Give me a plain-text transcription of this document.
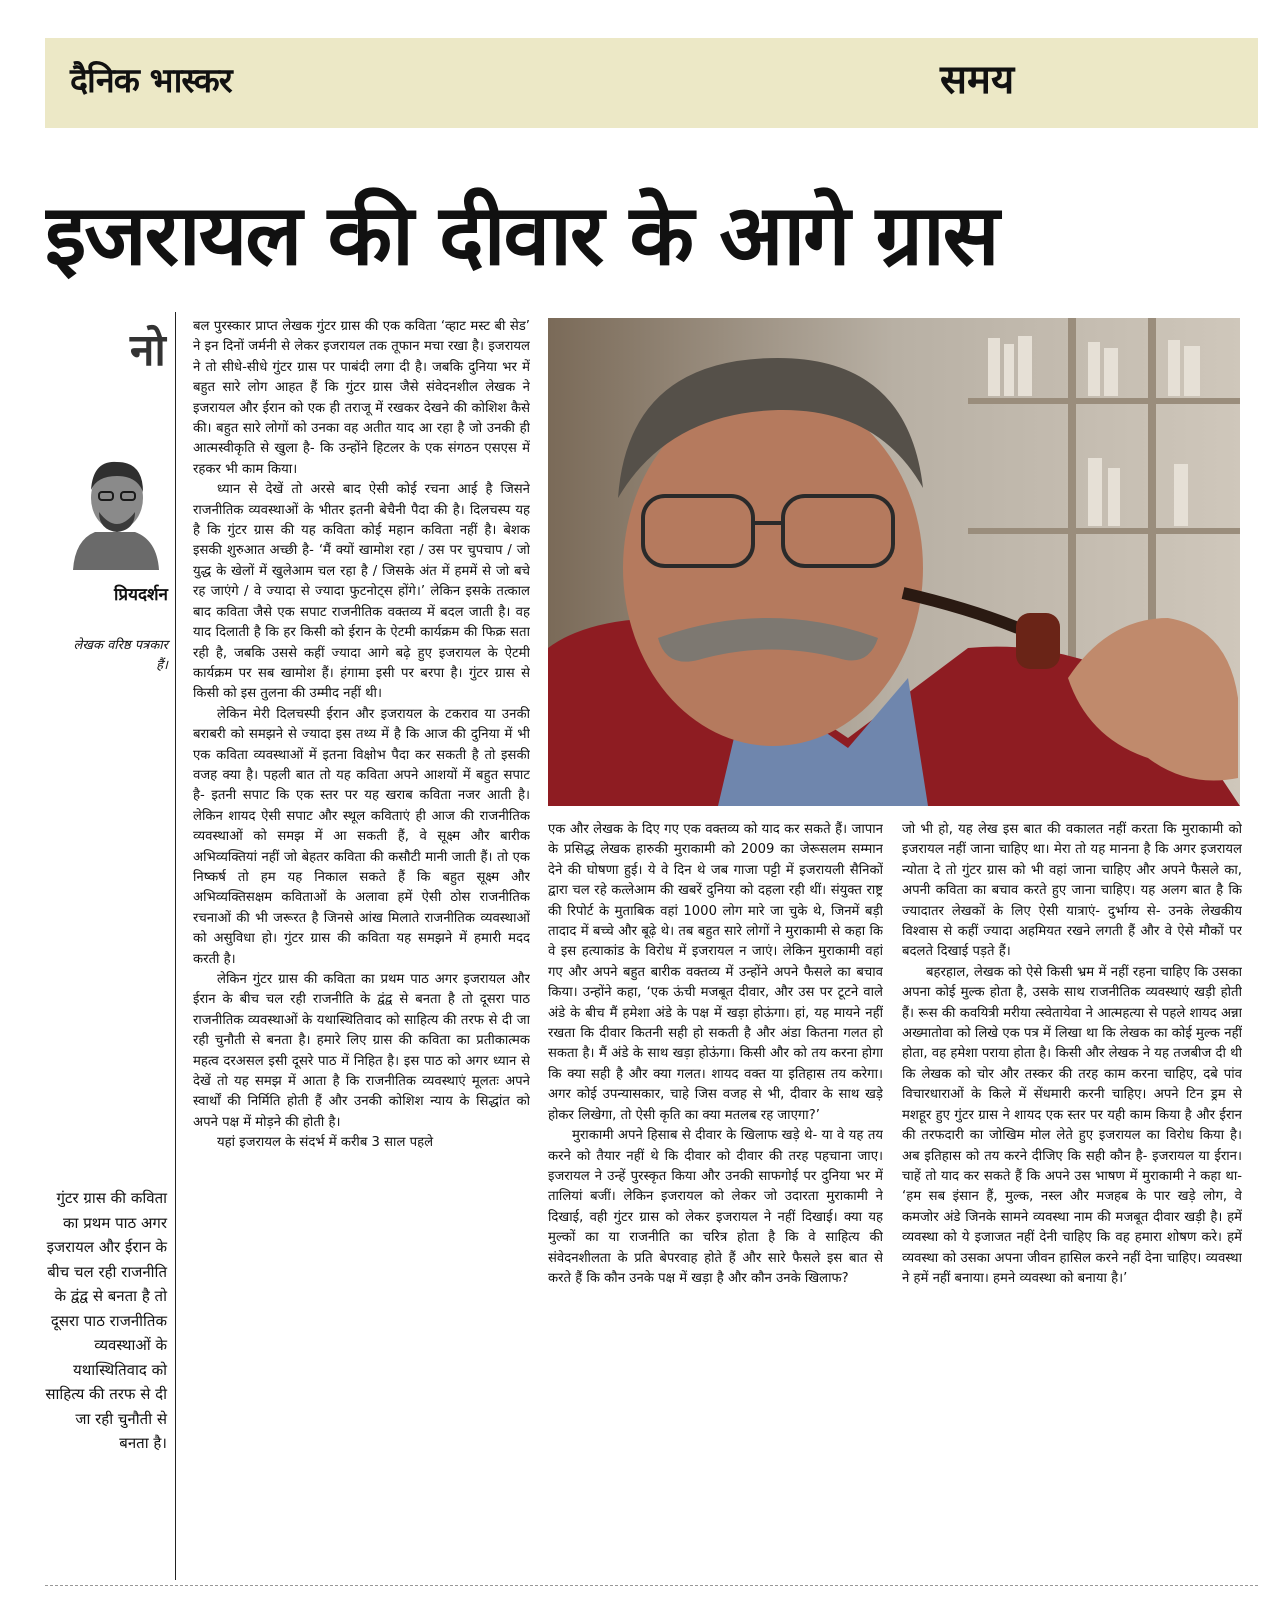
दैनिक भास्कर	समय
इजरायल की दीवार के आगे ग्रास
नो
प्रियदर्शन
लेखक वरिष्ठ पत्रकार हैं।
गुंटर ग्रास की कविता का प्रथम पाठ अगर इजरायल और ईरान के बीच चल रही राजनीति के द्वंद्व से बनता है तो दूसरा पाठ राजनीतिक व्यवस्थाओं के यथास्थितिवाद को साहित्य की तरफ से दी जा रही चुनौती से बनता है।

बल पुरस्कार प्राप्त लेखक गुंटर ग्रास की एक कविता ‘व्हाट मस्ट बी सेड’ ने इन दिनों जर्मनी से लेकर इजरायल तक तूफान मचा रखा है। इजरायल ने तो सीधे-सीधे गुंटर ग्रास पर पाबंदी लगा दी है। जबकि दुनिया भर में बहुत सारे लोग आहत हैं कि गुंटर ग्रास जैसे संवेदनशील लेखक ने इजरायल और ईरान को एक ही तराजू में रखकर देखने की कोशिश कैसे की। बहुत सारे लोगों को उनका वह अतीत याद आ रहा है जो उनकी ही आत्मस्वीकृति से खुला है- कि उन्होंने हिटलर के एक संगठन एसएस में रहकर भी काम किया।

ध्यान से देखें तो अरसे बाद ऐसी कोई रचना आई है जिसने राजनीतिक व्यवस्थाओं के भीतर इतनी बेचैनी पैदा की है। दिलचस्प यह है कि गुंटर ग्रास की यह कविता कोई महान कविता नहीं है। बेशक इसकी शुरुआत अच्छी है- ‘मैं क्यों खामोश रहा / उस पर चुपचाप / जो युद्ध के खेलों में खुलेआम चल रहा है / जिसके अंत में हममें से जो बचे रह जाएंगे / वे ज्यादा से ज्यादा फुटनोट्स होंगे।’ लेकिन इसके तत्काल बाद कविता जैसे एक सपाट राजनीतिक वक्तव्य में बदल जाती है। वह याद दिलाती है कि हर किसी को ईरान के ऐटमी कार्यक्रम की फिक्र सता रही है, जबकि उससे कहीं ज्यादा आगे बढ़े हुए इजरायल के ऐटमी कार्यक्रम पर सब खामोश हैं। हंगामा इसी पर बरपा है। गुंटर ग्रास से किसी को इस तुलना की उम्मीद नहीं थी।

लेकिन मेरी दिलचस्पी ईरान और इजरायल के टकराव या उनकी बराबरी को समझने से ज्यादा इस तथ्य में है कि आज की दुनिया में भी एक कविता व्यवस्थाओं में इतना विक्षोभ पैदा कर सकती है तो इसकी वजह क्या है। पहली बात तो यह कविता अपने आशयों में बहुत सपाट है- इतनी सपाट कि एक स्तर पर यह खराब कविता नजर आती है। लेकिन शायद ऐसी सपाट और स्थूल कविताएं ही आज की राजनीतिक व्यवस्थाओं को समझ में आ सकती हैं, वे सूक्ष्म और बारीक अभिव्यक्तियां नहीं जो बेहतर कविता की कसौटी मानी जाती हैं। तो एक निष्कर्ष तो हम यह निकाल सकते हैं कि बहुत सूक्ष्म और अभिव्यक्तिसक्षम कविताओं के अलावा हमें ऐसी ठोस राजनीतिक रचनाओं की भी जरूरत है जिनसे आंख मिलाते राजनीतिक व्यवस्थाओं को असुविधा हो। गुंटर ग्रास की कविता यह समझने में हमारी मदद करती है।

लेकिन गुंटर ग्रास की कविता का प्रथम पाठ अगर इजरायल और ईरान के बीच चल रही राजनीति के द्वंद्व से बनता है तो दूसरा पाठ राजनीतिक व्यवस्थाओं के यथास्थितिवाद को साहित्य की तरफ से दी जा रही चुनौती से बनता है। हमारे लिए ग्रास की कविता का प्रतीकात्मक महत्व दरअसल इसी दूसरे पाठ में निहित है। इस पाठ को अगर ध्यान से देखें तो यह समझ में आता है कि राजनीतिक व्यवस्थाएं मूलतः अपने स्वार्थों की निर्मिति होती हैं और उनकी कोशिश न्याय के सिद्धांत को अपने पक्ष में मोड़ने की होती है।

यहां इजरायल के संदर्भ में करीब 3 साल पहले

एक और लेखक के दिए गए एक वक्तव्य को याद कर सकते हैं। जापान के प्रसिद्ध लेखक हारुकी मुराकामी को 2009 का जेरूसलम सम्मान देने की घोषणा हुई। ये वे दिन थे जब गाजा पट्टी में इजरायली सैनिकों द्वारा चल रहे कत्लेआम की खबरें दुनिया को दहला रही थीं। संयुक्त राष्ट्र की रिपोर्ट के मुताबिक वहां 1000 लोग मारे जा चुके थे, जिनमें बड़ी तादाद में बच्चे और बूढ़े थे। तब बहुत सारे लोगों ने मुराकामी से कहा कि वे इस हत्याकांड के विरोध में इजरायल न जाएं। लेकिन मुराकामी वहां गए और अपने बहुत बारीक वक्तव्य में उन्होंने अपने फैसले का बचाव किया। उन्होंने कहा, ‘एक ऊंची मजबूत दीवार, और उस पर टूटने वाले अंडे के बीच मैं हमेशा अंडे के पक्ष में खड़ा होऊंगा। हां, यह मायने नहीं रखता कि दीवार कितनी सही हो सकती है और अंडा कितना गलत हो सकता है। मैं अंडे के साथ खड़ा होऊंगा। किसी और को तय करना होगा कि क्या सही है और क्या गलत। शायद वक्त या इतिहास तय करेगा। अगर कोई उपन्यासकार, चाहे जिस वजह से भी, दीवार के साथ खड़े होकर लिखेगा, तो ऐसी कृति का क्या मतलब रह जाएगा?’

मुराकामी अपने हिसाब से दीवार के खिलाफ खड़े थे- या वे यह तय करने को तैयार नहीं थे कि दीवार को दीवार की तरह पहचाना जाए। इजरायल ने उन्हें पुरस्कृत किया और उनकी साफगोई पर दुनिया भर में तालियां बजीं। लेकिन इजरायल को लेकर जो उदारता मुराकामी ने दिखाई, वही गुंटर ग्रास को लेकर इजरायल ने नहीं दिखाई। क्या यह मुल्कों का या राजनीति का चरित्र होता है कि वे साहित्य की संवेदनशीलता के प्रति बेपरवाह होते हैं और सारे फैसले इस बात से करते हैं कि कौन उनके पक्ष में खड़ा है और कौन उनके खिलाफ?

जो भी हो, यह लेख इस बात की वकालत नहीं करता कि मुराकामी को इजरायल नहीं जाना चाहिए था। मेरा तो यह मानना है कि अगर इजरायल न्योता दे तो गुंटर ग्रास को भी वहां जाना चाहिए और अपने फैसले का, अपनी कविता का बचाव करते हुए जाना चाहिए। यह अलग बात है कि ज्यादातर लेखकों के लिए ऐसी यात्राएं- दुर्भाग्य से- उनके लेखकीय विश्वास से कहीं ज्यादा अहमियत रखने लगती हैं और वे ऐसे मौकों पर बदलते दिखाई पड़ते हैं।

बहरहाल, लेखक को ऐसे किसी भ्रम में नहीं रहना चाहिए कि उसका अपना कोई मुल्क होता है, उसके साथ राजनीतिक व्यवस्थाएं खड़ी होती हैं। रूस की कवयित्री मरीया त्स्वेतायेवा ने आत्महत्या से पहले शायद अन्ना अख्मातोवा को लिखे एक पत्र में लिखा था कि लेखक का कोई मुल्क नहीं होता, वह हमेशा पराया होता है। किसी और लेखक ने यह तजबीज दी थी कि लेखक को चोर और तस्कर की तरह काम करना चाहिए, दबे पांव विचारधाराओं के किले में सेंधमारी करनी चाहिए। अपने टिन ड्रम से मशहूर हुए गुंटर ग्रास ने शायद एक स्तर पर यही काम किया है और ईरान की तरफदारी का जोखिम मोल लेते हुए इजरायल का विरोध किया है। अब इतिहास को तय करने दीजिए कि सही कौन है- इजरायल या ईरान। चाहें तो याद कर सकते हैं कि अपने उस भाषण में मुराकामी ने कहा था- ‘हम सब इंसान हैं, मुल्क, नस्ल और मजहब के पार खड़े लोग, वे कमजोर अंडे जिनके सामने व्यवस्था नाम की मजबूत दीवार खड़ी है। हमें व्यवस्था को ये इजाजत नहीं देनी चाहिए कि वह हमारा शोषण करे। हमें व्यवस्था को उसका अपना जीवन हासिल करने नहीं देना चाहिए। व्यवस्था ने हमें नहीं बनाया। हमने व्यवस्था को बनाया है।’
